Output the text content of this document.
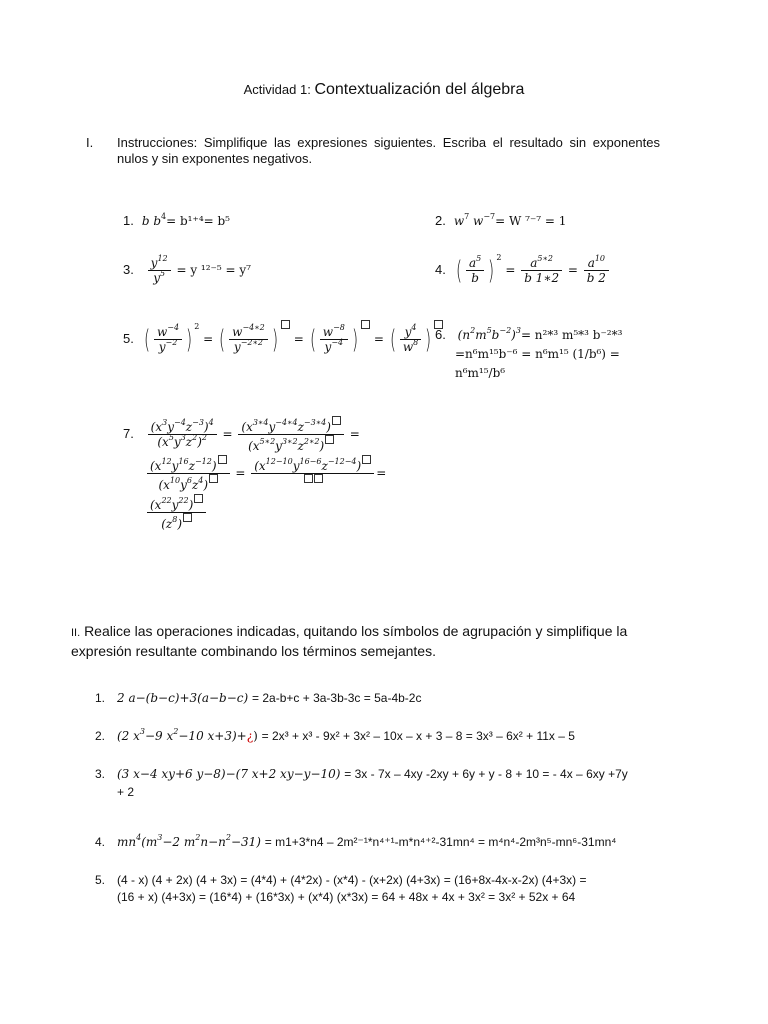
Actividad 1: Contextualización del álgebra
I. Instrucciones: Simplifique las expresiones siguientes. Escriba el resultado sin exponentes nulos y sin exponentes negativos.
1. b $b^4= b^{1+4}= b^5$	2. $w^7$ $w^{-7}= W$ ⁷⁻⁷ = 1
3. $\frac{y^{12}}{y^5} = y$ ¹²⁻⁵ = y⁷	4. ( $\frac{a^5}{b}$ ) $^2 = \frac{a^{5∗2}}{b 1∗2} = \frac{a^{10}}{b 2}$
5. ( $\frac{w^{-4}}{y^{-2}}$ ) $^2$ = ( $\frac{w^{-4∗2}}{y^{-2∗2}}$ ) = ( $\frac{w^{-8}}{y^{-4}}$ ) = ( $\frac{y^4}{w^8}$ ) 6. $(n^2m^5b^{-2})^3= n^2*^3$ m⁵*³ b⁻²*³
=n⁶m¹⁵b⁻⁶ = n⁶m¹⁵ (1/b⁶) =
n⁶m¹⁵/b⁶
7. $\frac{(x^3y^{-4}z^{-3})^4}{(x^5y^3z^2)^2} = \frac{(x^{3∗4}y^{-4∗4}z^{-3∗4})}{(x^{5∗2}y^{3∗2}z^{2∗2})}$ =
$\frac{(x^{12}y^{16}z^{-12})}{(x^{10}y^6z^4)} = (x^{12-10}y^{16-6}z^{-12-4})$	=
$\frac{(x^{22}y^{22})}{(z^8)}$
II. Realice las operaciones indicadas, quitando los símbolos de agrupación y simplifique la expresión resultante combinando los términos semejantes.
1. 2 a−(b−c)+3(a−b−c) = 2a-b+c + 3a-3b-3c = 5a-4b-2c
2. (2 $x^3-9$ $x^2-10$ x+3)+¿) = 2x³ + x³ - 9x² + 3x² – 10x – x + 3 – 8 = 3x³ – 6x² + 11x – 5
3. (3 x−4 xy+6 y−8)−(7 x+2 xy−y−10) = 3x - 7x – 4xy -2xy + 6y + y - 8 + 10 = - 4x – 6xy +7y
+ 2
4. $mn^4(m^3-2$ $m^2n-n^2-31) = m1+3*n4 - 2m^{2-1}*n^{4+1}-m*n^{4+2}-31mn^4 = m^4n^4-2m^3n^5-mn^6-31mn^4$
5. (4 - x) (4 + 2x) (4 + 3x) = (4*4) + (4*2x) - (x*4) - (x+2x) (4+3x) = (16+8x-4x-x-2x) (4+3x) =
(16 + x) (4+3x) = (16*4) + (16*3x) + (x*4) (x*3x) = 64 + 48x + 4x + 3x² = 3x² + 52x + 64
